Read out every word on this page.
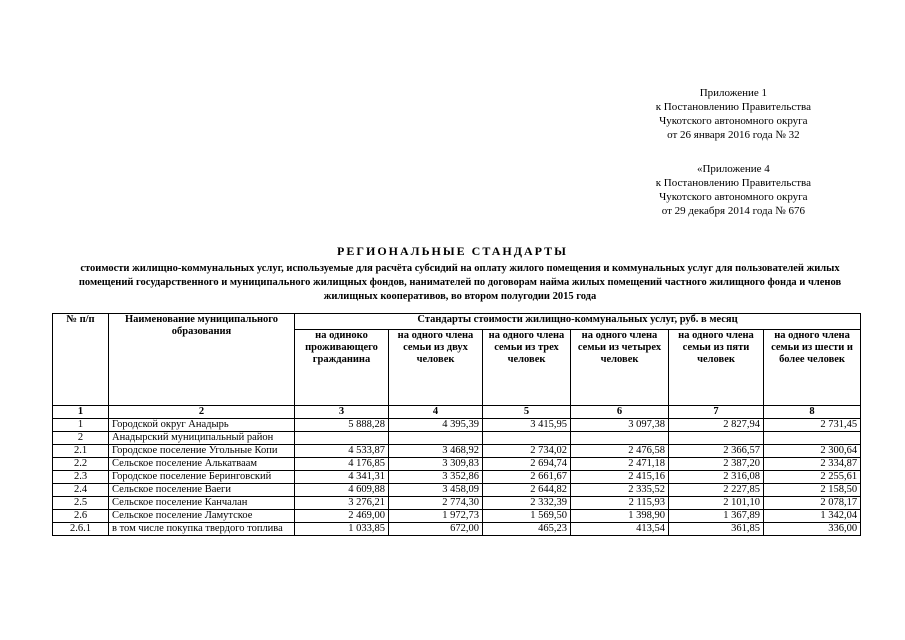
Приложение 1
к Постановлению Правительства
Чукотского автономного округа
от 26 января 2016 года № 32
«Приложение 4
к Постановлению Правительства
Чукотского автономного округа
от 29 декабря 2014 года № 676
РЕГИОНАЛЬНЫЕ СТАНДАРТЫ
стоимости жилищно-коммунальных услуг, используемые для расчёта субсидий на оплату жилого помещения и коммунальных услуг для пользователей жилых помещений государственного и муниципального жилищных фондов, нанимателей по договорам найма жилых помещений частного жилищного фонда и членов жилищных кооперативов, во втором полугодии 2015 года
№ п/п	Наименование муниципального образования	Стандарты стоимости жилищно-коммунальных услуг, руб. в месяц					
		на одиноко проживающего гражданина	на одного члена семьи из двух человек	на одного члена семьи из трех человек	на одного члена семьи из четырех человек	на одного члена семьи из пяти человек	на одного члена семьи из шести и более человек
1	2	3	4	5	6	7	8
1	Городской округ Анадырь	5 888,28	4 395,39	3 415,95	3 097,38	2 827,94	2 731,45
2	Анадырский муниципальный район						
2.1	Городское поселение Угольные Копи	4 533,87	3 468,92	2 734,02	2 476,58	2 366,57	2 300,64
2.2	Сельское поселение Алькатваам	4 176,85	3 309,83	2 694,74	2 471,18	2 387,20	2 334,87
2.3	Городское поселение Беринговский	4 341,31	3 352,86	2 661,67	2 415,16	2 316,08	2 255,61
2.4	Сельское поселение Ваеги	4 609,88	3 458,09	2 644,82	2 335,52	2 227,85	2 158,50
2.5	Сельское поселение Канчалан	3 276,21	2 774,30	2 332,39	2 115,93	2 101,10	2 078,17
2.6	Сельское поселение Ламутское	2 469,00	1 972,73	1 569,50	1 398,90	1 367,89	1 342,04
2.6.1	в том числе покупка твердого топлива	1 033,85	672,00	465,23	413,54	361,85	336,00
